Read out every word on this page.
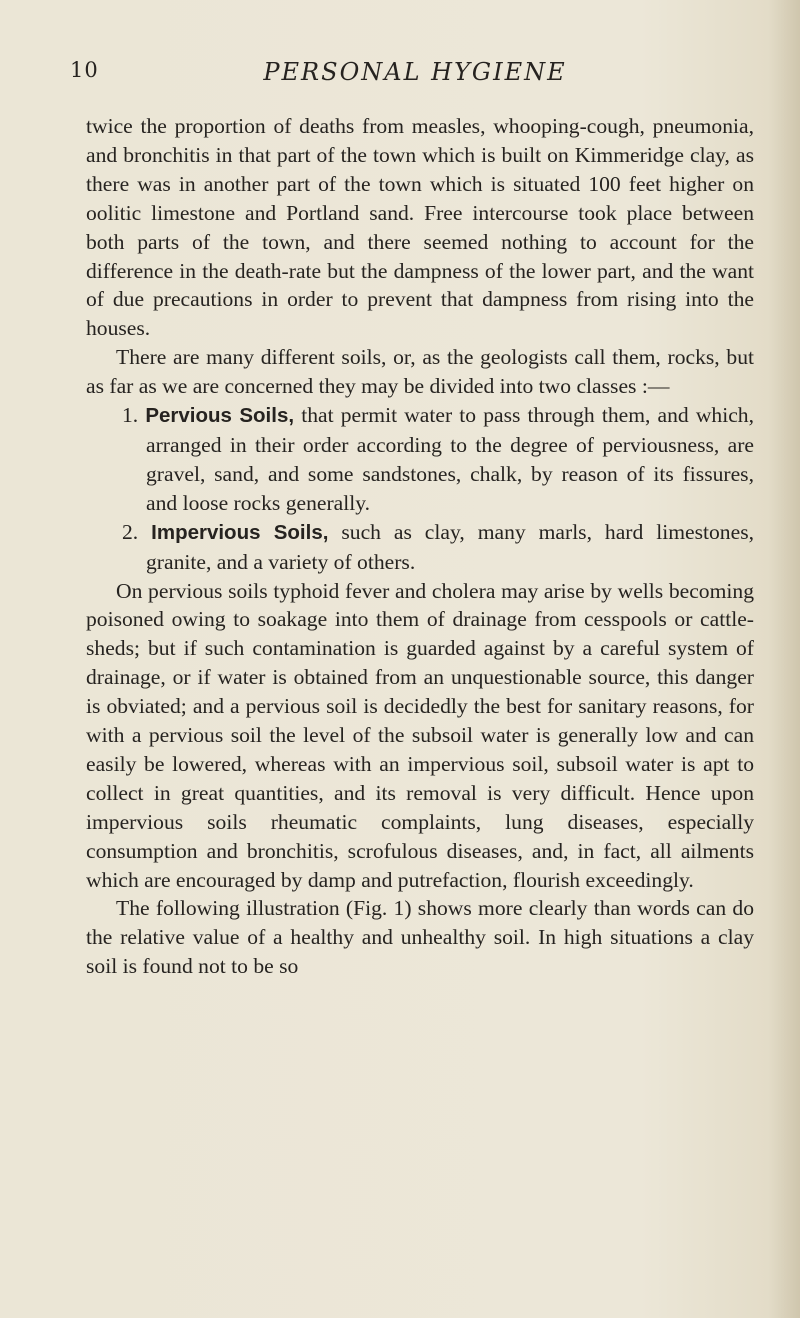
10	PERSONAL HYGIENE

twice the proportion of deaths from measles, whooping-cough, pneumonia, and bronchitis in that part of the town which is built on Kimmeridge clay, as there was in another part of the town which is situated 100 feet higher on oolitic limestone and Portland sand. Free intercourse took place between both parts of the town, and there seemed nothing to account for the difference in the death-rate but the dampness of the lower part, and the want of due precautions in order to prevent that dampness from rising into the houses.

There are many different soils, or, as the geologists call them, rocks, but as far as we are concerned they may be divided into two classes :—

1. Pervious Soils, that permit water to pass through them, and which, arranged in their order according to the degree of perviousness, are gravel, sand, and some sandstones, chalk, by reason of its fissures, and loose rocks generally.

2. Impervious Soils, such as clay, many marls, hard limestones, granite, and a variety of others.

On pervious soils typhoid fever and cholera may arise by wells becoming poisoned owing to soakage into them of drainage from cesspools or cattle-sheds; but if such contamination is guarded against by a careful system of drainage, or if water is obtained from an unquestionable source, this danger is obviated; and a pervious soil is decidedly the best for sanitary reasons, for with a pervious soil the level of the subsoil water is generally low and can easily be lowered, whereas with an impervious soil, subsoil water is apt to collect in great quantities, and its removal is very difficult. Hence upon impervious soils rheumatic complaints, lung diseases, especially consumption and bronchitis, scrofulous diseases, and, in fact, all ailments which are encouraged by damp and putrefaction, flourish exceedingly.

The following illustration (Fig. 1) shows more clearly than words can do the relative value of a healthy and unhealthy soil. In high situations a clay soil is found not to be so
